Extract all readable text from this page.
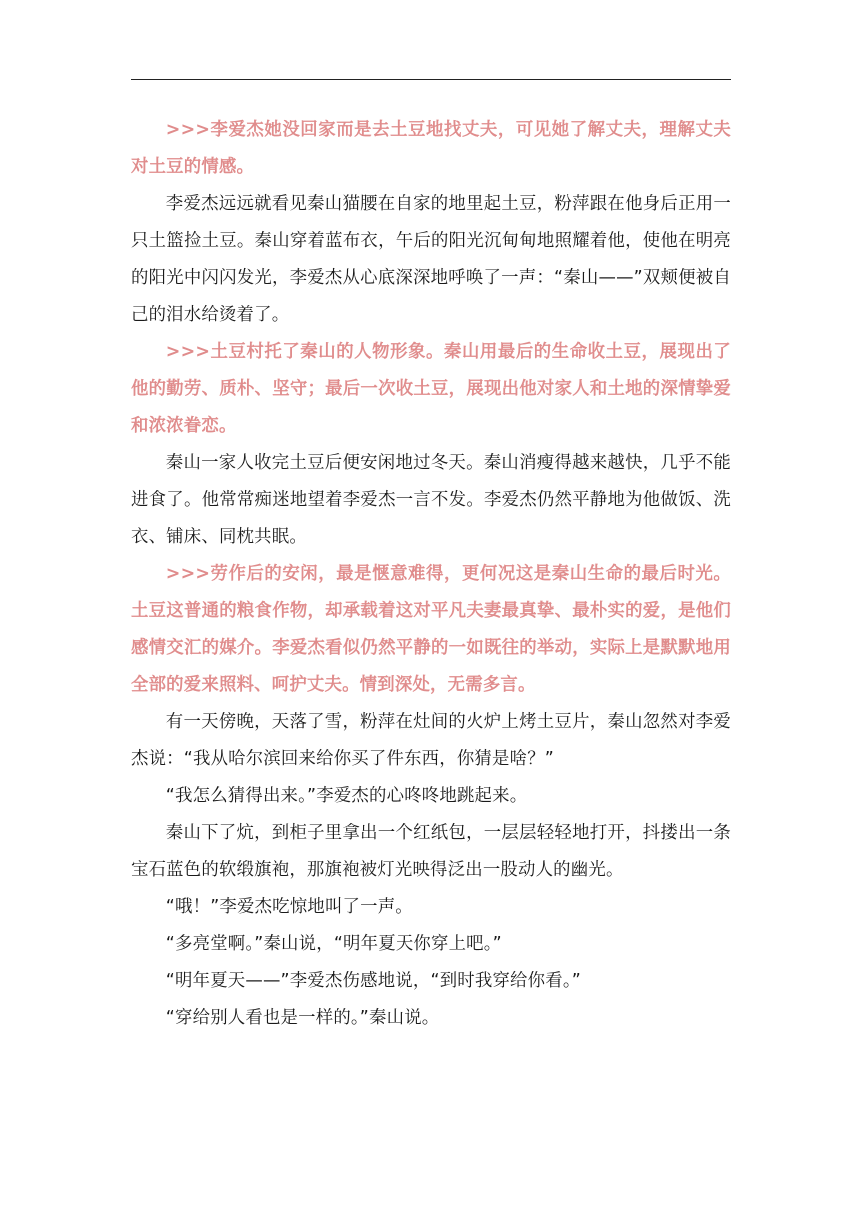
>>>李爱杰她没回家而是去土豆地找丈夫，可见她了解丈夫，理解丈夫对土豆的情感。

李爱杰远远就看见秦山猫腰在自家的地里起土豆，粉萍跟在他身后正用一只土篮捡土豆。秦山穿着蓝布衣，午后的阳光沉甸甸地照耀着他，使他在明亮的阳光中闪闪发光，李爱杰从心底深深地呼唤了一声：“秦山——”双颊便被自己的泪水给烫着了。

>>>土豆村托了秦山的人物形象。秦山用最后的生命收土豆，展现出了他的勤劳、质朴、坚守；最后一次收土豆，展现出他对家人和土地的深情挚爱和浓浓眷恋。

秦山一家人收完土豆后便安闲地过冬天。秦山消瘦得越来越快，几乎不能进食了。他常常痴迷地望着李爱杰一言不发。李爱杰仍然平静地为他做饭、洗衣、铺床、同枕共眠。

>>>劳作后的安闲，最是惬意难得，更何况这是秦山生命的最后时光。土豆这普通的粮食作物，却承载着这对平凡夫妻最真挚、最朴实的爱，是他们感情交汇的媒介。李爱杰看似仍然平静的一如既往的举动，实际上是默默地用全部的爱来照料、呵护丈夫。情到深处，无需多言。

有一天傍晚，天落了雪，粉萍在灶间的火炉上烤土豆片，秦山忽然对李爱杰说：“我从哈尔滨回来给你买了件东西，你猜是啥？”

“我怎么猜得出来。”李爱杰的心咚咚地跳起来。

秦山下了炕，到柜子里拿出一个红纸包，一层层轻轻地打开，抖搂出一条宝石蓝色的软缎旗袍，那旗袍被灯光映得泛出一股动人的幽光。

“哦！”李爱杰吃惊地叫了一声。

“多亮堂啊。”秦山说，“明年夏天你穿上吧。”

“明年夏天——”李爱杰伤感地说，“到时我穿给你看。”

“穿给别人看也是一样的。”秦山说。
